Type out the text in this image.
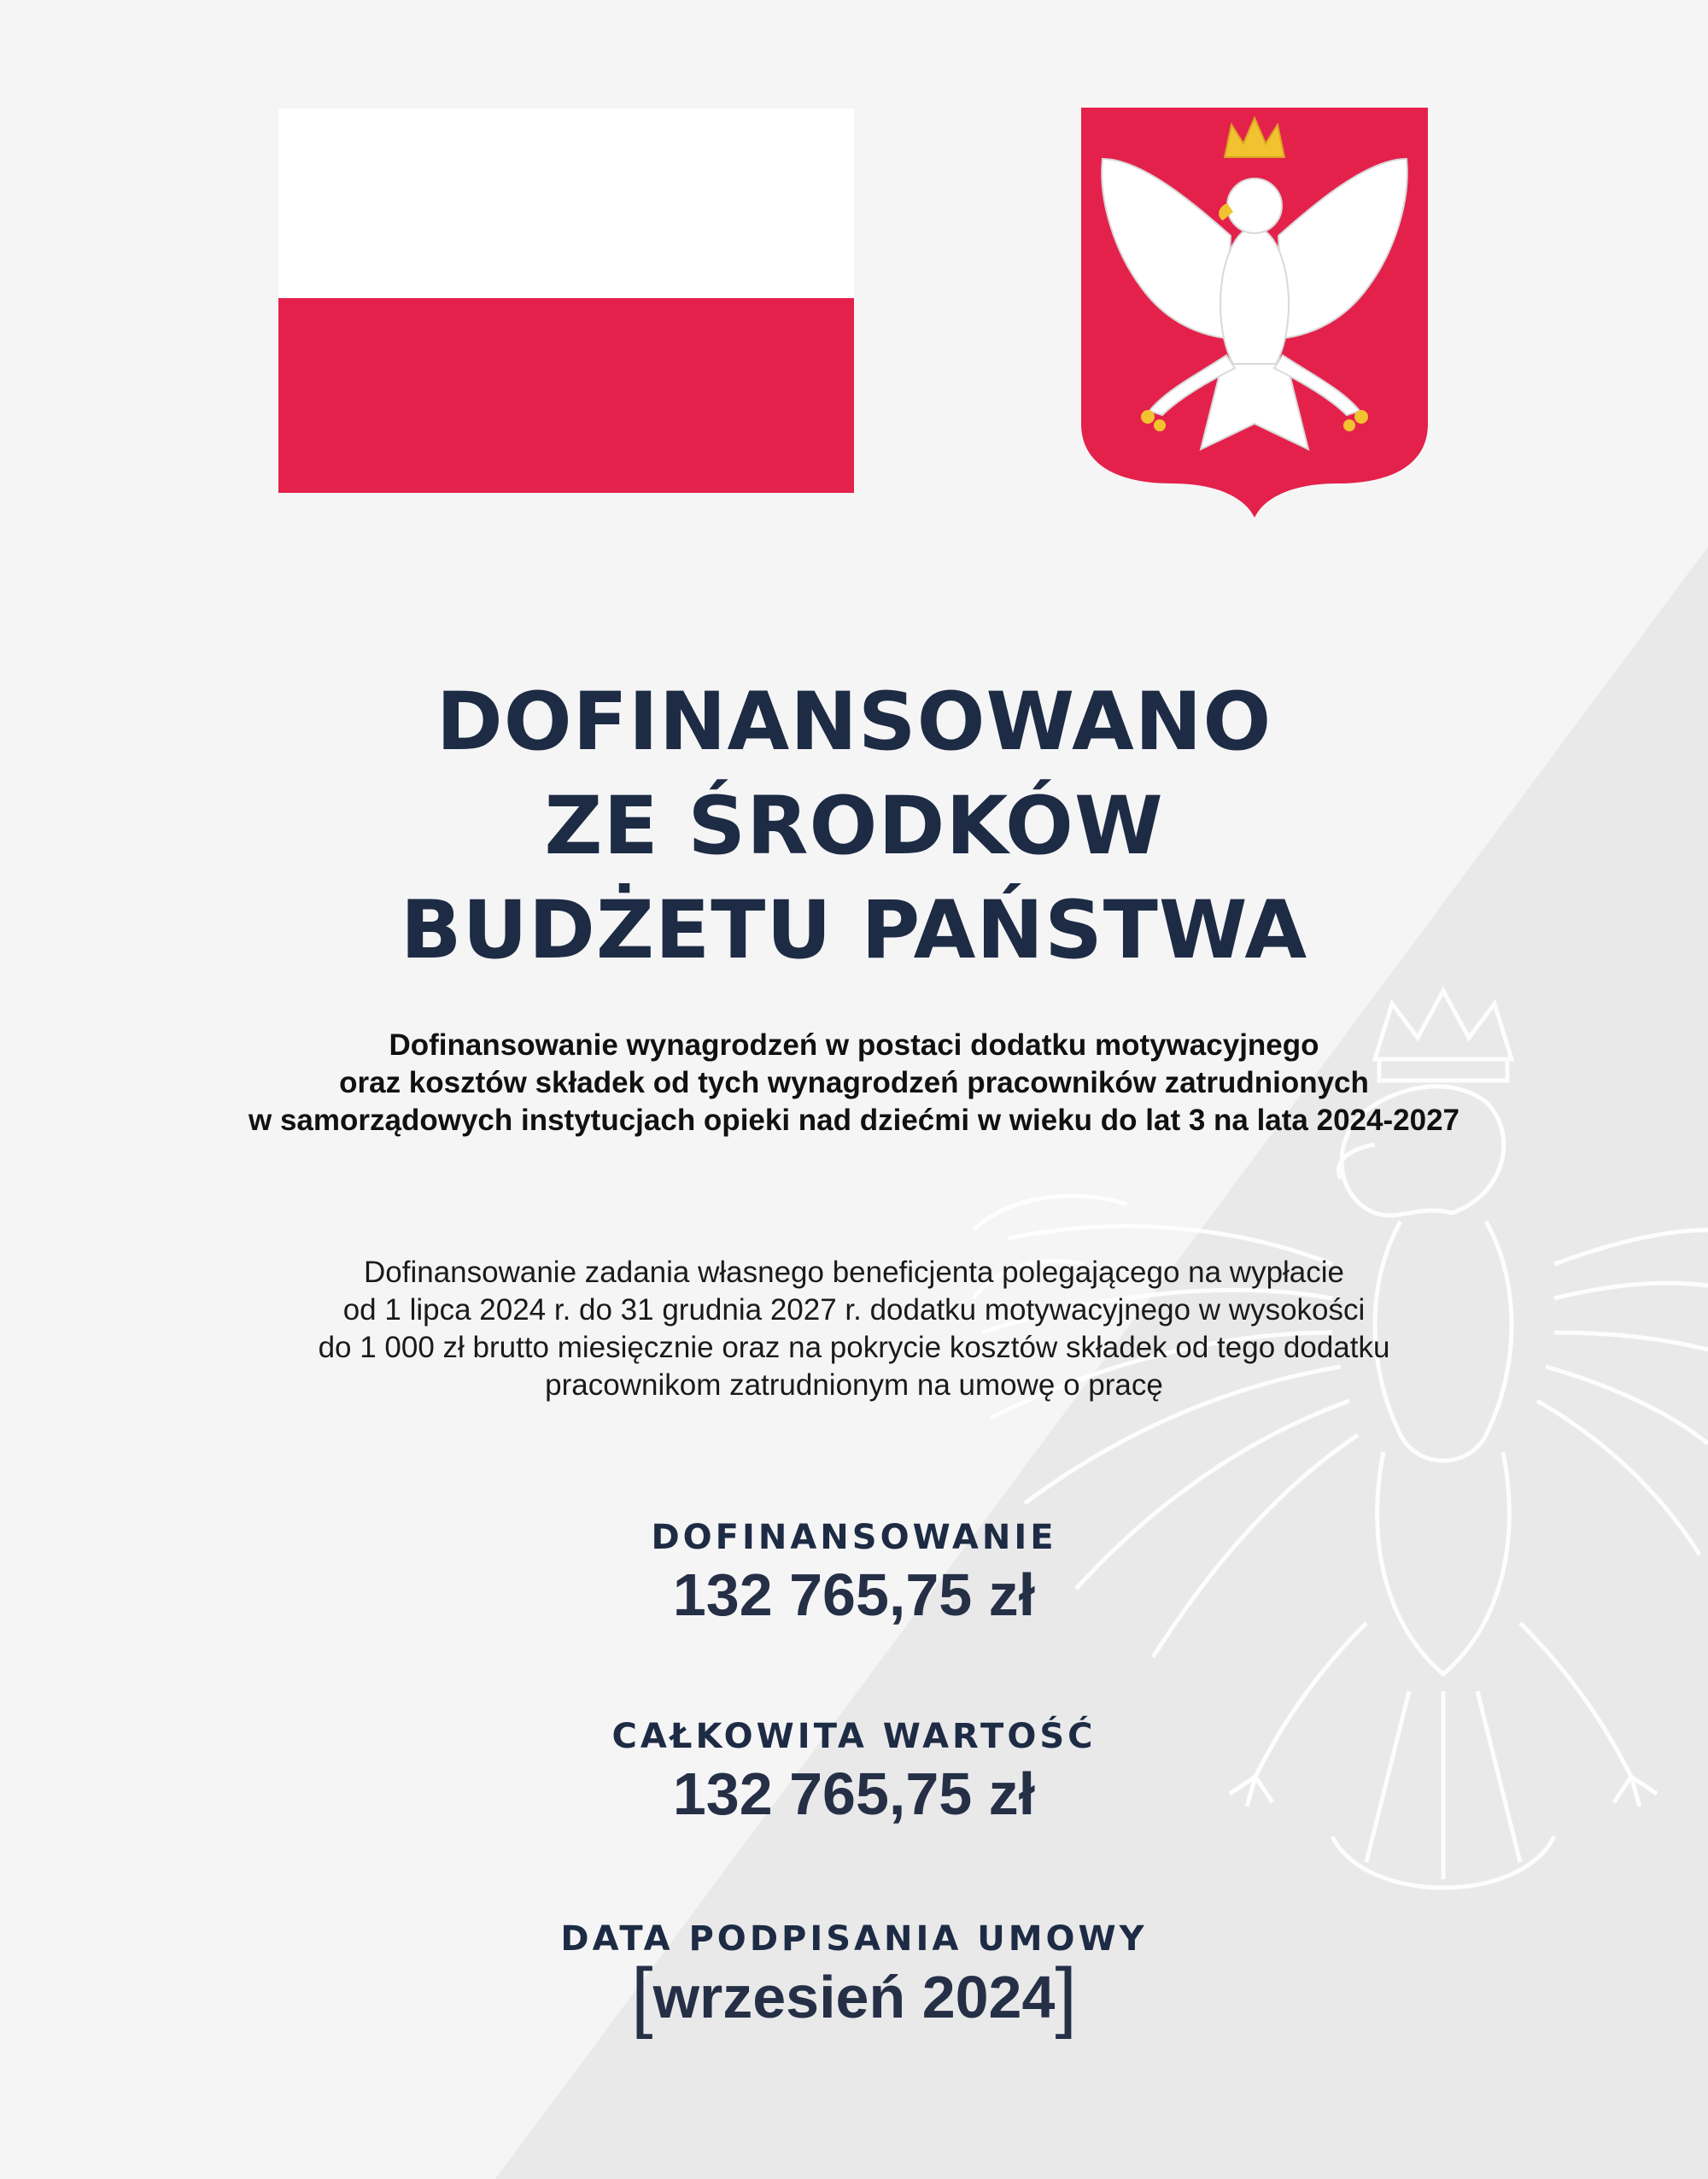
DOFINANSOWANO
ZE ŚRODKÓW
BUDŻETU PAŃSTWA
Dofinansowanie wynagrodzeń w postaci dodatku motywacyjnego
oraz kosztów składek od tych wynagrodzeń pracowników zatrudnionych
w samorządowych instytucjach opieki nad dziećmi w wieku do lat 3 na lata 2024-2027
Dofinansowanie zadania własnego beneficjenta polegającego na wypłacie
od 1 lipca 2024 r. do 31 grudnia 2027 r. dodatku motywacyjnego w wysokości
do 1 000 zł brutto miesięcznie oraz na pokrycie kosztów składek od tego dodatku
pracownikom zatrudnionym na umowę o pracę
DOFINANSOWANIE
132 765,75 zł
CAŁKOWITA WARTOŚĆ
132 765,75 zł
DATA PODPISANIA UMOWY
[wrzesień 2024]
